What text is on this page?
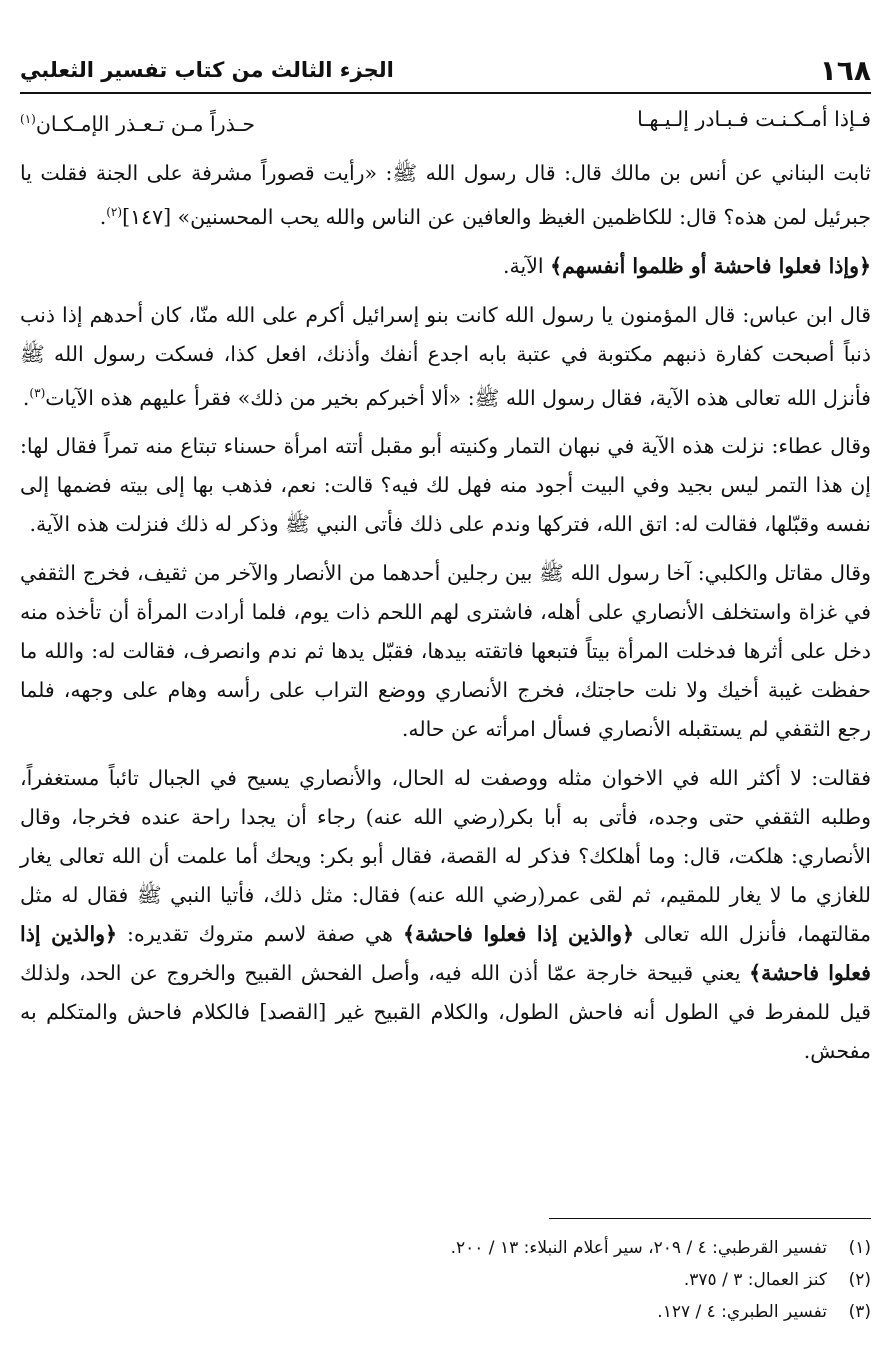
١٦٨
الجزء الثالث من كتاب تفسير الثعلبي
فـإذا أمـكـنـت فـبـادر إلـيـهـا
حـذراً مـن تـعـذر الإمـكـان$^{(١)}$

ثابت البناني عن أنس بن مالك قال: قال رسول الله ﷺ: «رأيت قصوراً مشرفة على الجنة فقلت يا جبرئيل لمن هذه؟ قال: للكاظمين الغيظ والعافين عن الناس والله يحب المحسنين» [١٤٧]$^{(٢)}$.

﴿وإذا فعلوا فاحشة أو ظلموا أنفسهم﴾ الآية.

قال ابن عباس: قال المؤمنون يا رسول الله كانت بنو إسرائيل أكرم على الله منّا، كان أحدهم إذا ذنب ذنباً أصبحت كفارة ذنبهم مكتوبة في عتبة بابه اجدع أنفك وأذنك، افعل كذا، فسكت رسول الله ﷺ فأنزل الله تعالى هذه الآية، فقال رسول الله ﷺ: «ألا أخبركم بخير من ذلك» فقرأ عليهم هذه الآيات$^{(٣)}$.

وقال عطاء: نزلت هذه الآية في نبهان التمار وكنيته أبو مقبل أتته امرأة حسناء تبتاع منه تمراً فقال لها: إن هذا التمر ليس بجيد وفي البيت أجود منه فهل لك فيه؟ قالت: نعم، فذهب بها إلى بيته فضمها إلى نفسه وقبّلها، فقالت له: اتق الله، فتركها وندم على ذلك فأتى النبي ﷺ وذكر له ذلك فنزلت هذه الآية.

وقال مقاتل والكلبي: آخا رسول الله ﷺ بين رجلين أحدهما من الأنصار والآخر من ثقيف، فخرج الثقفي في غزاة واستخلف الأنصاري على أهله، فاشترى لهم اللحم ذات يوم، فلما أرادت المرأة أن تأخذه منه دخل على أثرها فدخلت المرأة بيتاً فتبعها فاتقته بيدها، فقبّل يدها ثم ندم وانصرف، فقالت له: والله ما حفظت غيبة أخيك ولا نلت حاجتك، فخرج الأنصاري ووضع التراب على رأسه وهام على وجهه، فلما رجع الثقفي لم يستقبله الأنصاري فسأل امرأته عن حاله.

فقالت: لا أكثر الله في الاخوان مثله ووصفت له الحال، والأنصاري يسيح في الجبال تائباً مستغفراً، وطلبه الثقفي حتى وجده، فأتى به أبا بكر(رضي الله عنه) رجاء أن يجدا راحة عنده فخرجا، وقال الأنصاري: هلكت، قال: وما أهلكك؟ فذكر له القصة، فقال أبو بكر: ويحك أما علمت أن الله تعالى يغار للغازي ما لا يغار للمقيم، ثم لقى عمر(رضي الله عنه) فقال: مثل ذلك، فأتيا النبي ﷺ فقال له مثل مقالتهما، فأنزل الله تعالى ﴿والذين إذا فعلوا فاحشة﴾ هي صفة لاسم متروك تقديره: ﴿والذين إذا فعلوا فاحشة﴾ يعني قبيحة خارجة عمّا أذن الله فيه، وأصل الفحش القبيح والخروج عن الحد، ولذلك قيل للمفرط في الطول أنه فاحش الطول، والكلام القبيح غير [القصد] فالكلام فاحش والمتكلم به مفحش.

(١)تفسير القرطبي: ٤ / ٢٠٩، سير أعلام النبلاء: ١٣ / ٢٠٠.
(٢)كنز العمال: ٣ / ٣٧٥.
(٣)تفسير الطبري: ٤ / ١٢٧.
